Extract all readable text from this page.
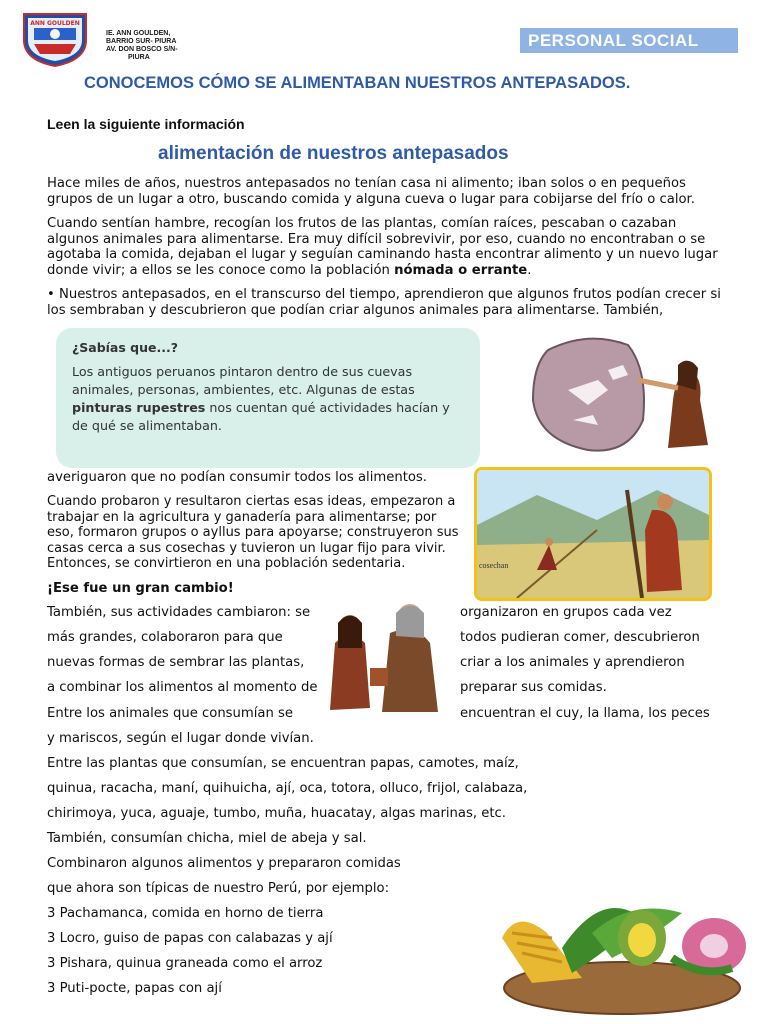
ANN GOULDEN
IE. ANN GOULDEN,
BARRIO SUR- PIURA
AV. DON BOSCO S/N-
PIURA
PERSONAL SOCIAL
CONOCEMOS CÓMO SE ALIMENTABAN NUESTROS ANTEPASADOS.
Leen la siguiente información
alimentación de nuestros antepasados
Hace miles de años, nuestros antepasados no tenían casa ni alimento; iban solos o en pequeños grupos de un lugar a otro, buscando comida y alguna cueva o lugar para cobijarse del frío o calor.
Cuando sentían hambre, recogían los frutos de las plantas, comían raíces, pescaban o cazaban algunos animales para alimentarse. Era muy difícil sobrevivir, por eso, cuando no encontraban o se agotaba la comida, dejaban el lugar y seguían caminando hasta encontrar alimento y un nuevo lugar donde vivir; a ellos se les conoce como la población nómada o errante.
• Nuestros antepasados, en el transcurso del tiempo, aprendieron que algunos frutos podían crecer si los sembraban y descubrieron que podían criar algunos animales para alimentarse. También,
¿Sabías que...?
Los antiguos peruanos pintaron dentro de sus cuevas animales, personas, ambientes, etc. Algunas de estas pinturas rupestres nos cuentan qué actividades hacían y de qué se alimentaban.
averiguaron que no podían consumir todos los alimentos.
Cuando probaron y resultaron ciertas esas ideas, empezaron a trabajar en la agricultura y ganadería para alimentarse; por eso, formaron grupos o ayllus para apoyarse; construyeron sus casas cerca a sus cosechas y tuvieron un lugar fijo para vivir. Entonces, se convirtieron en una población sedentaria.
¡Ese fue un gran cambio!
cosechan
También, sus actividades cambiaron: se	organizaron en grupos cada vez
más grandes, colaboraron para que	todos pudieran comer, descubrieron
nuevas formas de sembrar las plantas,	criar a los animales y aprendieron
a combinar los alimentos al momento de	preparar sus comidas.
Entre los animales que consumían se	encuentran el cuy, la llama, los peces
y mariscos, según el lugar donde vivían.
Entre las plantas que consumían, se encuentran papas, camotes, maíz,
quinua, racacha, maní, quihuicha, ají, oca, totora, olluco, frijol, calabaza,
chirimoya, yuca, aguaje, tumbo, muña, huacatay, algas marinas, etc.
También, consumían chicha, miel de abeja y sal.
Combinaron algunos alimentos y prepararon comidas
que ahora son típicas de nuestro Perú, por ejemplo:
3 Pachamanca, comida en horno de tierra
3 Locro, guiso de papas con calabazas y ají
3 Pishara, quinua graneada como el arroz
3 Puti-pocte, papas con ají
